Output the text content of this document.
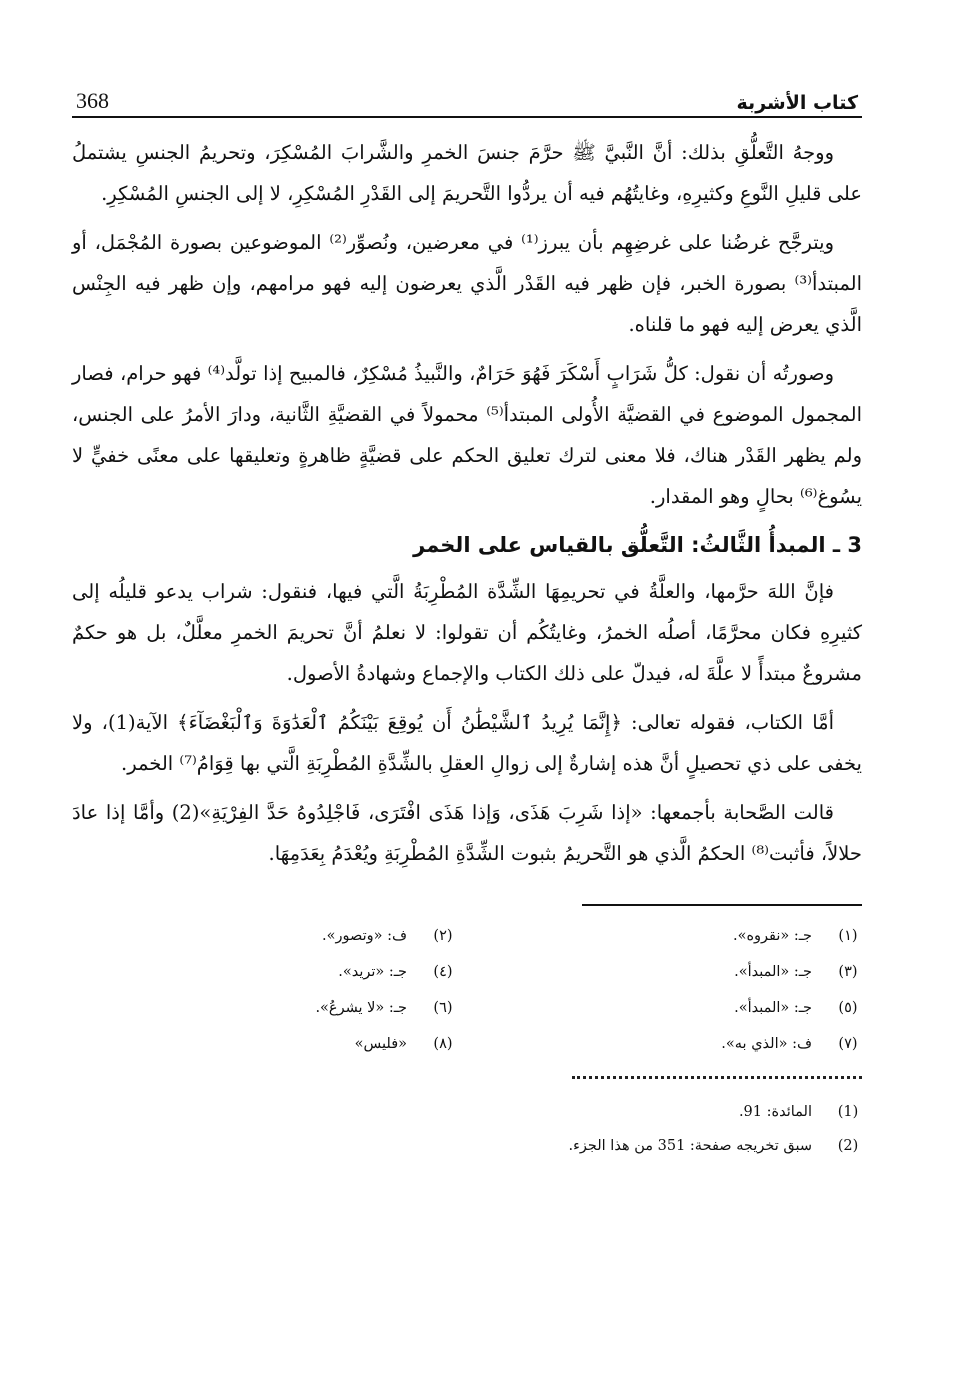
كتاب الأشربة
368

ووجهُ التَّعلُّقِ بذلك: أنَّ النَّبيَّ ﷺ حرَّمَ جنسَ الخمرِ والشَّرابَ المُسْكِرَ، وتحريمُ الجنسِ يشتملُ على قليلِ النَّوعِ وكثيرِهِ، وغايتُهُم فيه أن يردُّوا التَّحريمَ إلى القَدْرِ المُسْكِرِ، لا إلى الجنسِ المُسْكِرِ.

ويترجَّح غرضُنا على غرضِهِم بأن يبرز⁽¹⁾ في معرضين، ونُصوِّر⁽²⁾ الموضوعين بصورة المُجْمَل، أو المبتدأ⁽³⁾ بصورة الخبر، فإن ظهر فيه القَدْر الَّذي يعرضون إليه فهو مرامهم، وإن ظهر فيه الجِنْس الَّذي يعرض إليه فهو ما قلناه.

وصورتُه أن نقول: كلُّ شَرَابٍ أَسْكَرَ فَهُوَ حَرَامٌ، والنَّبيذُ مُسْكِرٌ، فالمبيح إذا تولَّد⁽⁴⁾ فهو حرام، فصار المجمول الموضوع في القضيَّة الأُولى المبتدأ⁽⁵⁾ محمولاً في القضيَّةِ الثَّانية، ودارَ الأمرُ على الجنس، ولم يظهر القَدْر هناك، فلا معنى لترك تعليق الحكم على قضيَّةٍ ظاهرةٍ وتعليقها على معنًى خفيٍّ لا يسُوغ⁽⁶⁾ بحالٍ وهو المقدار.

3 ـ المبدأُ الثَّالثُ: التَّعلُّق بالقياس على الخمر

فإنَّ اللهَ حرَّمها، والعلَّةُ في تحريمِهَا الشِّدَّة المُطْرِبَةُ الَّتي فيها، فنقول: شراب يدعو قليلُه إلى كثيرِهِ فكان محرَّمًا، أصلُه الخمرُ، وغايتُكُم أن تقولوا: لا نعلمُ أنَّ تحريمَ الخمرِ معلَّلٌ، بل هو حكمٌ مشروعٌ مبتدأً لا علَّةَ له، فيدلّ على ذلك الكتاب والإجماع وشهادةُ الأصول.

أمَّا الكتاب، فقوله تعالى: ﴿إِنَّمَا يُرِيدُ ٱلشَّيْطَٰنُ أَن يُوقِعَ بَيْنَكُمُ ٱلْعَدَٰوَةَ وَٱلْبَغْضَآءَ﴾ الآية(1)، ولا يخفى على ذي تحصيلٍ أنَّ هذه إشارةٌ إلى زوالِ العقلِ بالشِّدَّةِ المُطْرِبَةِ الَّتي بها قِوَامُ⁽⁷⁾ الخمر.

قالت الصَّحابة بأجمعها: «إذا شَرِبَ هَذَى، وَإذا هَذَى افْتَرَى، فَاجْلِدُوهُ حَدَّ الفِرْيَةِ»(2) وأمَّا إذا عادَ حلالاً، فأثبت⁽⁸⁾ الحكمُ الَّذي هو التَّحريمُ بثبوت الشِّدَّةِ المُطْرِبَةِ ويُعْدَمُ بِعَدَمِهَا.

(١)
جـ: «نقروه».
(٢)
ف: «وتصور».
(٣)
جـ: «المبدأ».
(٤)
جـ: «تريد».
(٥)
جـ: «المبدأ».
(٦)
جـ: «لا يشرعُ».
(٧)
ف: «الذي به».
(٨)
«فليس»
(1)
المائدة: 91.
(2)
سبق تخريجه صفحة: 351 من هذا الجزء.
